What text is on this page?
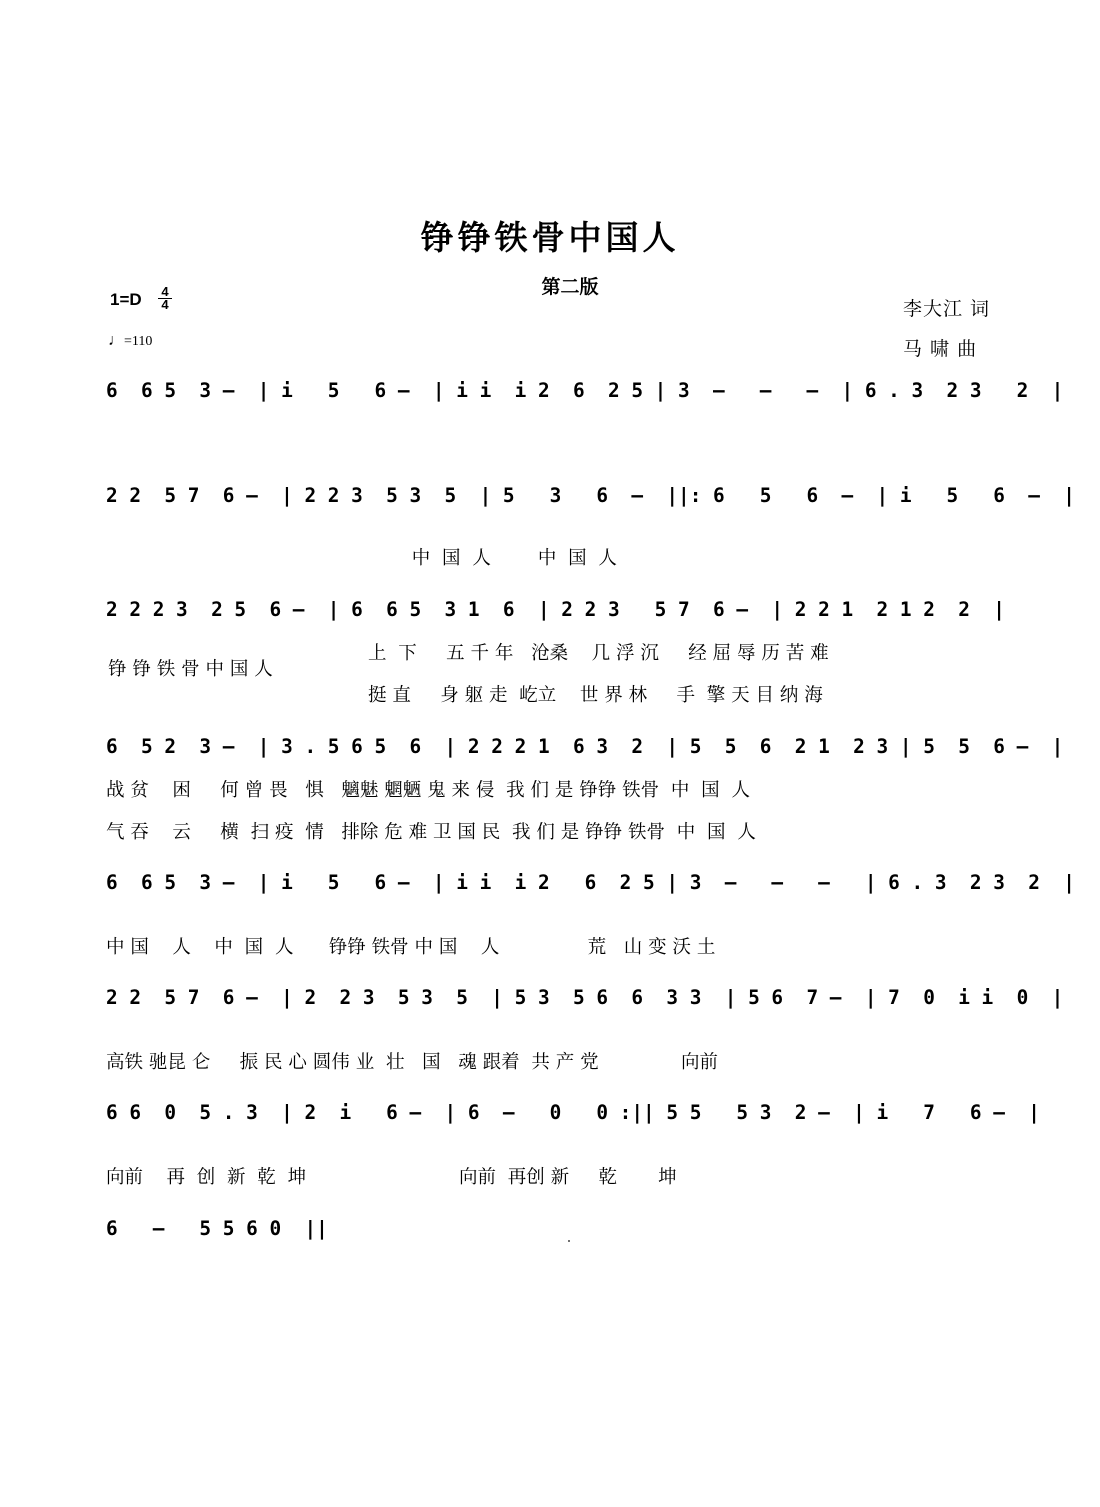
铮铮铁骨中国人
第二版
1=D 4
4
♩=110
李大江 词
马 啸 曲
6  6 5  3 –  | i   5   6 –  | i i  i 2  6  2 5 | 3  –   –   –  | 6 . 3  2 3   2  |
2 2  5 7  6 –  | 2 2 3  5 3  5  | 5   3   6  –  ||: 6   5   6  –  | i   5   6  –  |
中  国  人        中  国  人
2 2 2 3  2 5  6 –  | 6  6 5  3 1  6  | 2 2 3   5 7  6 –  | 2 2 1  2 1 2  2  |
铮 铮 铁 骨 中 国 人
上  下     五 千 年   沧桑    几 浮 沉     经 屈 辱 历 苦 难
挺 直     身 躯 走  屹立    世 界 林     手  擎 天 目 纳 海
6  5 2  3 –  | 3 . 5 6 5  6  | 2 2 2 1  6 3  2  | 5  5  6  2 1  2 3 | 5  5  6 –  |
战 贫    困     何 曾 畏   惧   魑魅 魍魉 鬼 来 侵  我 们 是 铮铮 铁骨  中  国  人
气 吞    云     横  扫 疫  情   排除 危 难 卫 国 民  我 们 是 铮铮 铁骨  中  国  人
6  6 5  3 –  | i   5   6 –  | i i  i 2   6  2 5 | 3  –   –   –   | 6 . 3  2 3  2  |
中 国    人    中  国  人      铮铮 铁骨 中 国    人               荒   山 变 沃 土
2 2  5 7  6 –  | 2  2 3  5 3  5  | 5 3  5 6  6  3 3  | 5 6  7 –  | 7  0  i i  0  |
高铁 驰昆 仑     振 民 心 圆伟 业  壮   国   魂 跟着  共 产 党              向前
6 6  0  5 . 3  | 2  i   6 –  | 6  –   0   0 :|| 5 5   5 3  2 –  | i   7   6 –  |
向前    再  创  新  乾  坤                          向前  再创 新     乾       坤
6   –   5 5 6 0  ||
